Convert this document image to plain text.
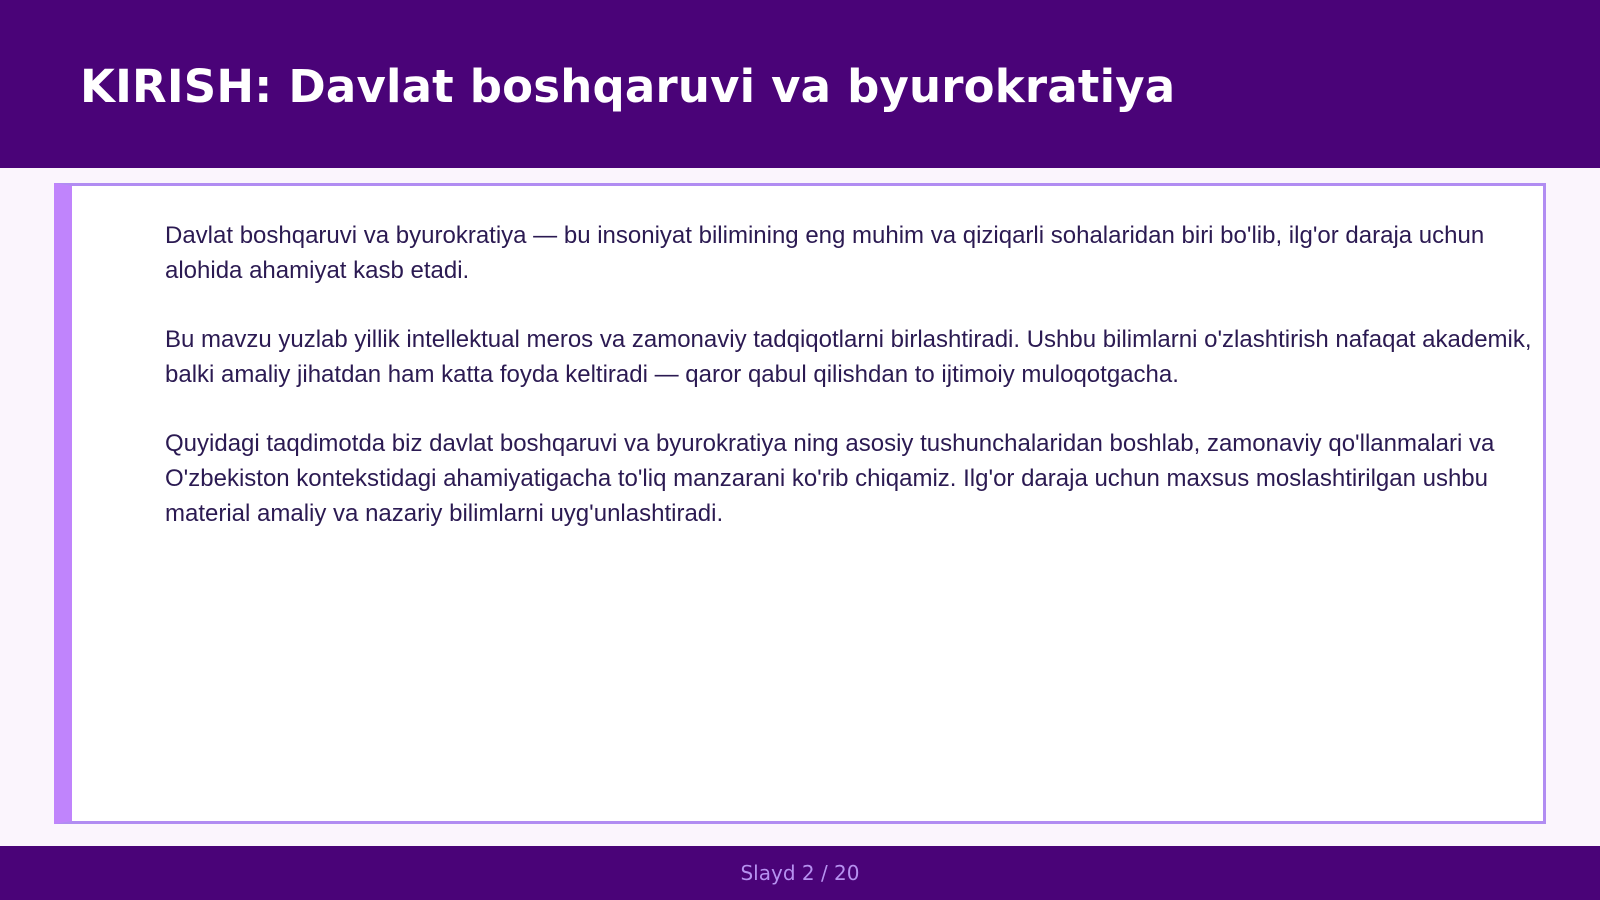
KIRISH: Davlat boshqaruvi va byurokratiya

Davlat boshqaruvi va byurokratiya — bu insoniyat bilimining eng muhim va qiziqarli sohalaridan biri bo'lib, ilg'or daraja uchun alohida ahamiyat kasb etadi.

Bu mavzu yuzlab yillik intellektual meros va zamonaviy tadqiqotlarni birlashtiradi. Ushbu bilimlarni o'zlashtirish nafaqat akademik, balki amaliy jihatdan ham katta foyda keltiradi — qaror qabul qilishdan to ijtimoiy muloqotgacha.

Quyidagi taqdimotda biz davlat boshqaruvi va byurokratiya ning asosiy tushunchalaridan boshlab, zamonaviy qo'llanmalari va O'zbekiston kontekstidagi ahamiyatigacha to'liq manzarani ko'rib chiqamiz. Ilg'or daraja uchun maxsus moslashtirilgan ushbu material amaliy va nazariy bilimlarni uyg'unlashtiradi.

Slayd 2 / 20
